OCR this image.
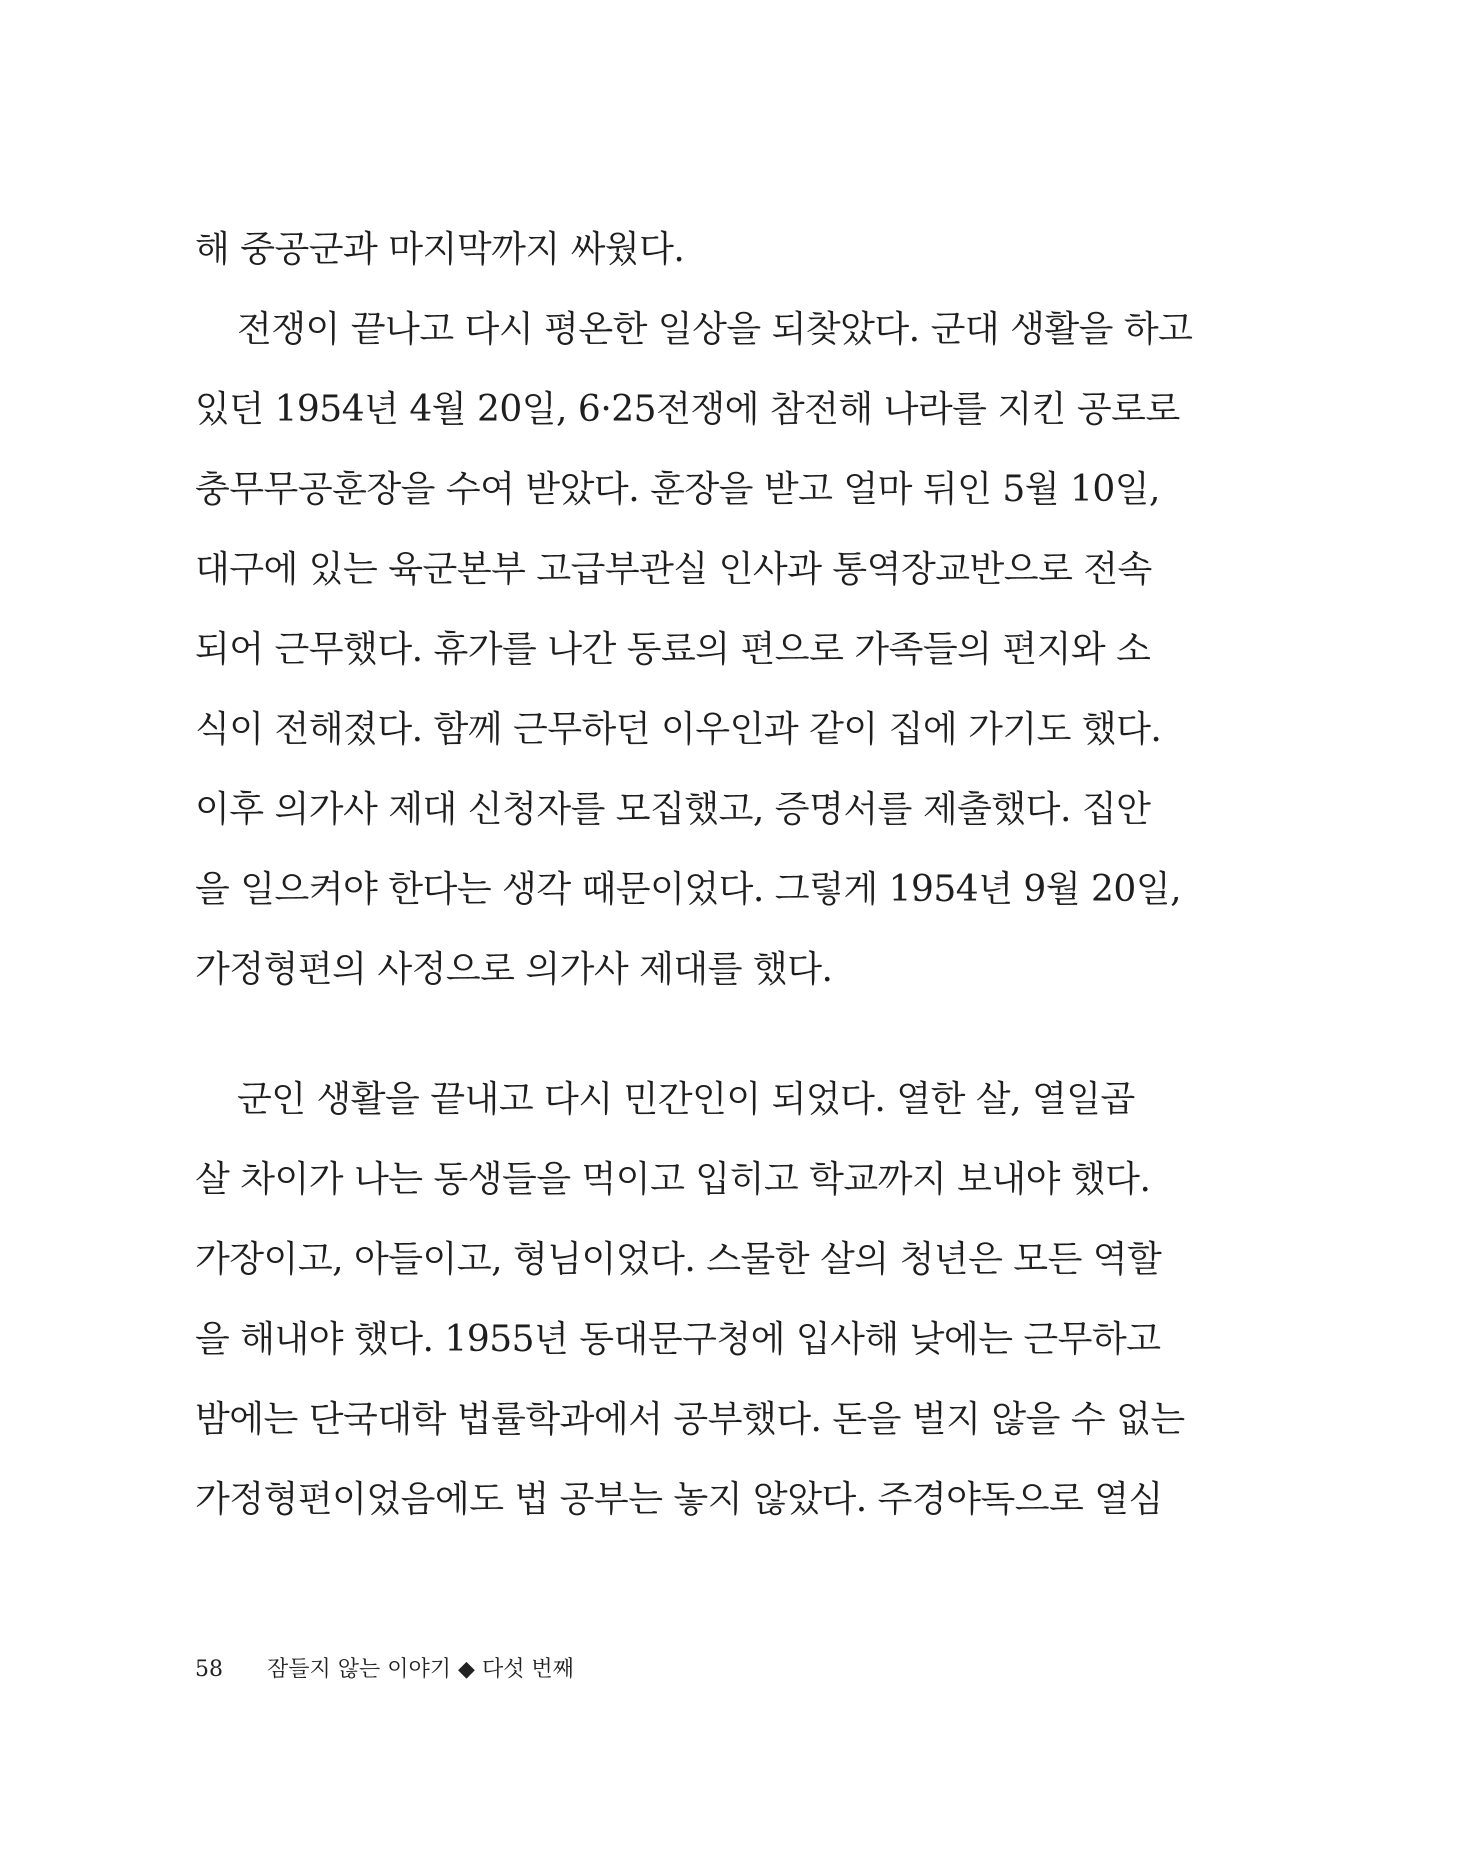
해 중공군과 마지막까지 싸웠다.
전쟁이 끝나고 다시 평온한 일상을 되찾았다. 군대 생활을 하고
있던 1954년 4월 20일, 6·25전쟁에 참전해 나라를 지킨 공로로
충무무공훈장을 수여 받았다. 훈장을 받고 얼마 뒤인 5월 10일,
대구에 있는 육군본부 고급부관실 인사과 통역장교반으로 전속
되어 근무했다. 휴가를 나간 동료의 편으로 가족들의 편지와 소
식이 전해졌다. 함께 근무하던 이우인과 같이 집에 가기도 했다.
이후 의가사 제대 신청자를 모집했고, 증명서를 제출했다. 집안
을 일으켜야 한다는 생각 때문이었다. 그렇게 1954년 9월 20일,
가정형편의 사정으로 의가사 제대를 했다.
군인 생활을 끝내고 다시 민간인이 되었다. 열한 살, 열일곱
살 차이가 나는 동생들을 먹이고 입히고 학교까지 보내야 했다.
가장이고, 아들이고, 형님이었다. 스물한 살의 청년은 모든 역할
을 해내야 했다. 1955년 동대문구청에 입사해 낮에는 근무하고
밤에는 단국대학 법률학과에서 공부했다. 돈을 벌지 않을 수 없는
가정형편이었음에도 법 공부는 놓지 않았다. 주경야독으로 열심
58 잠들지 않는 이야기 ◆ 다섯 번째
